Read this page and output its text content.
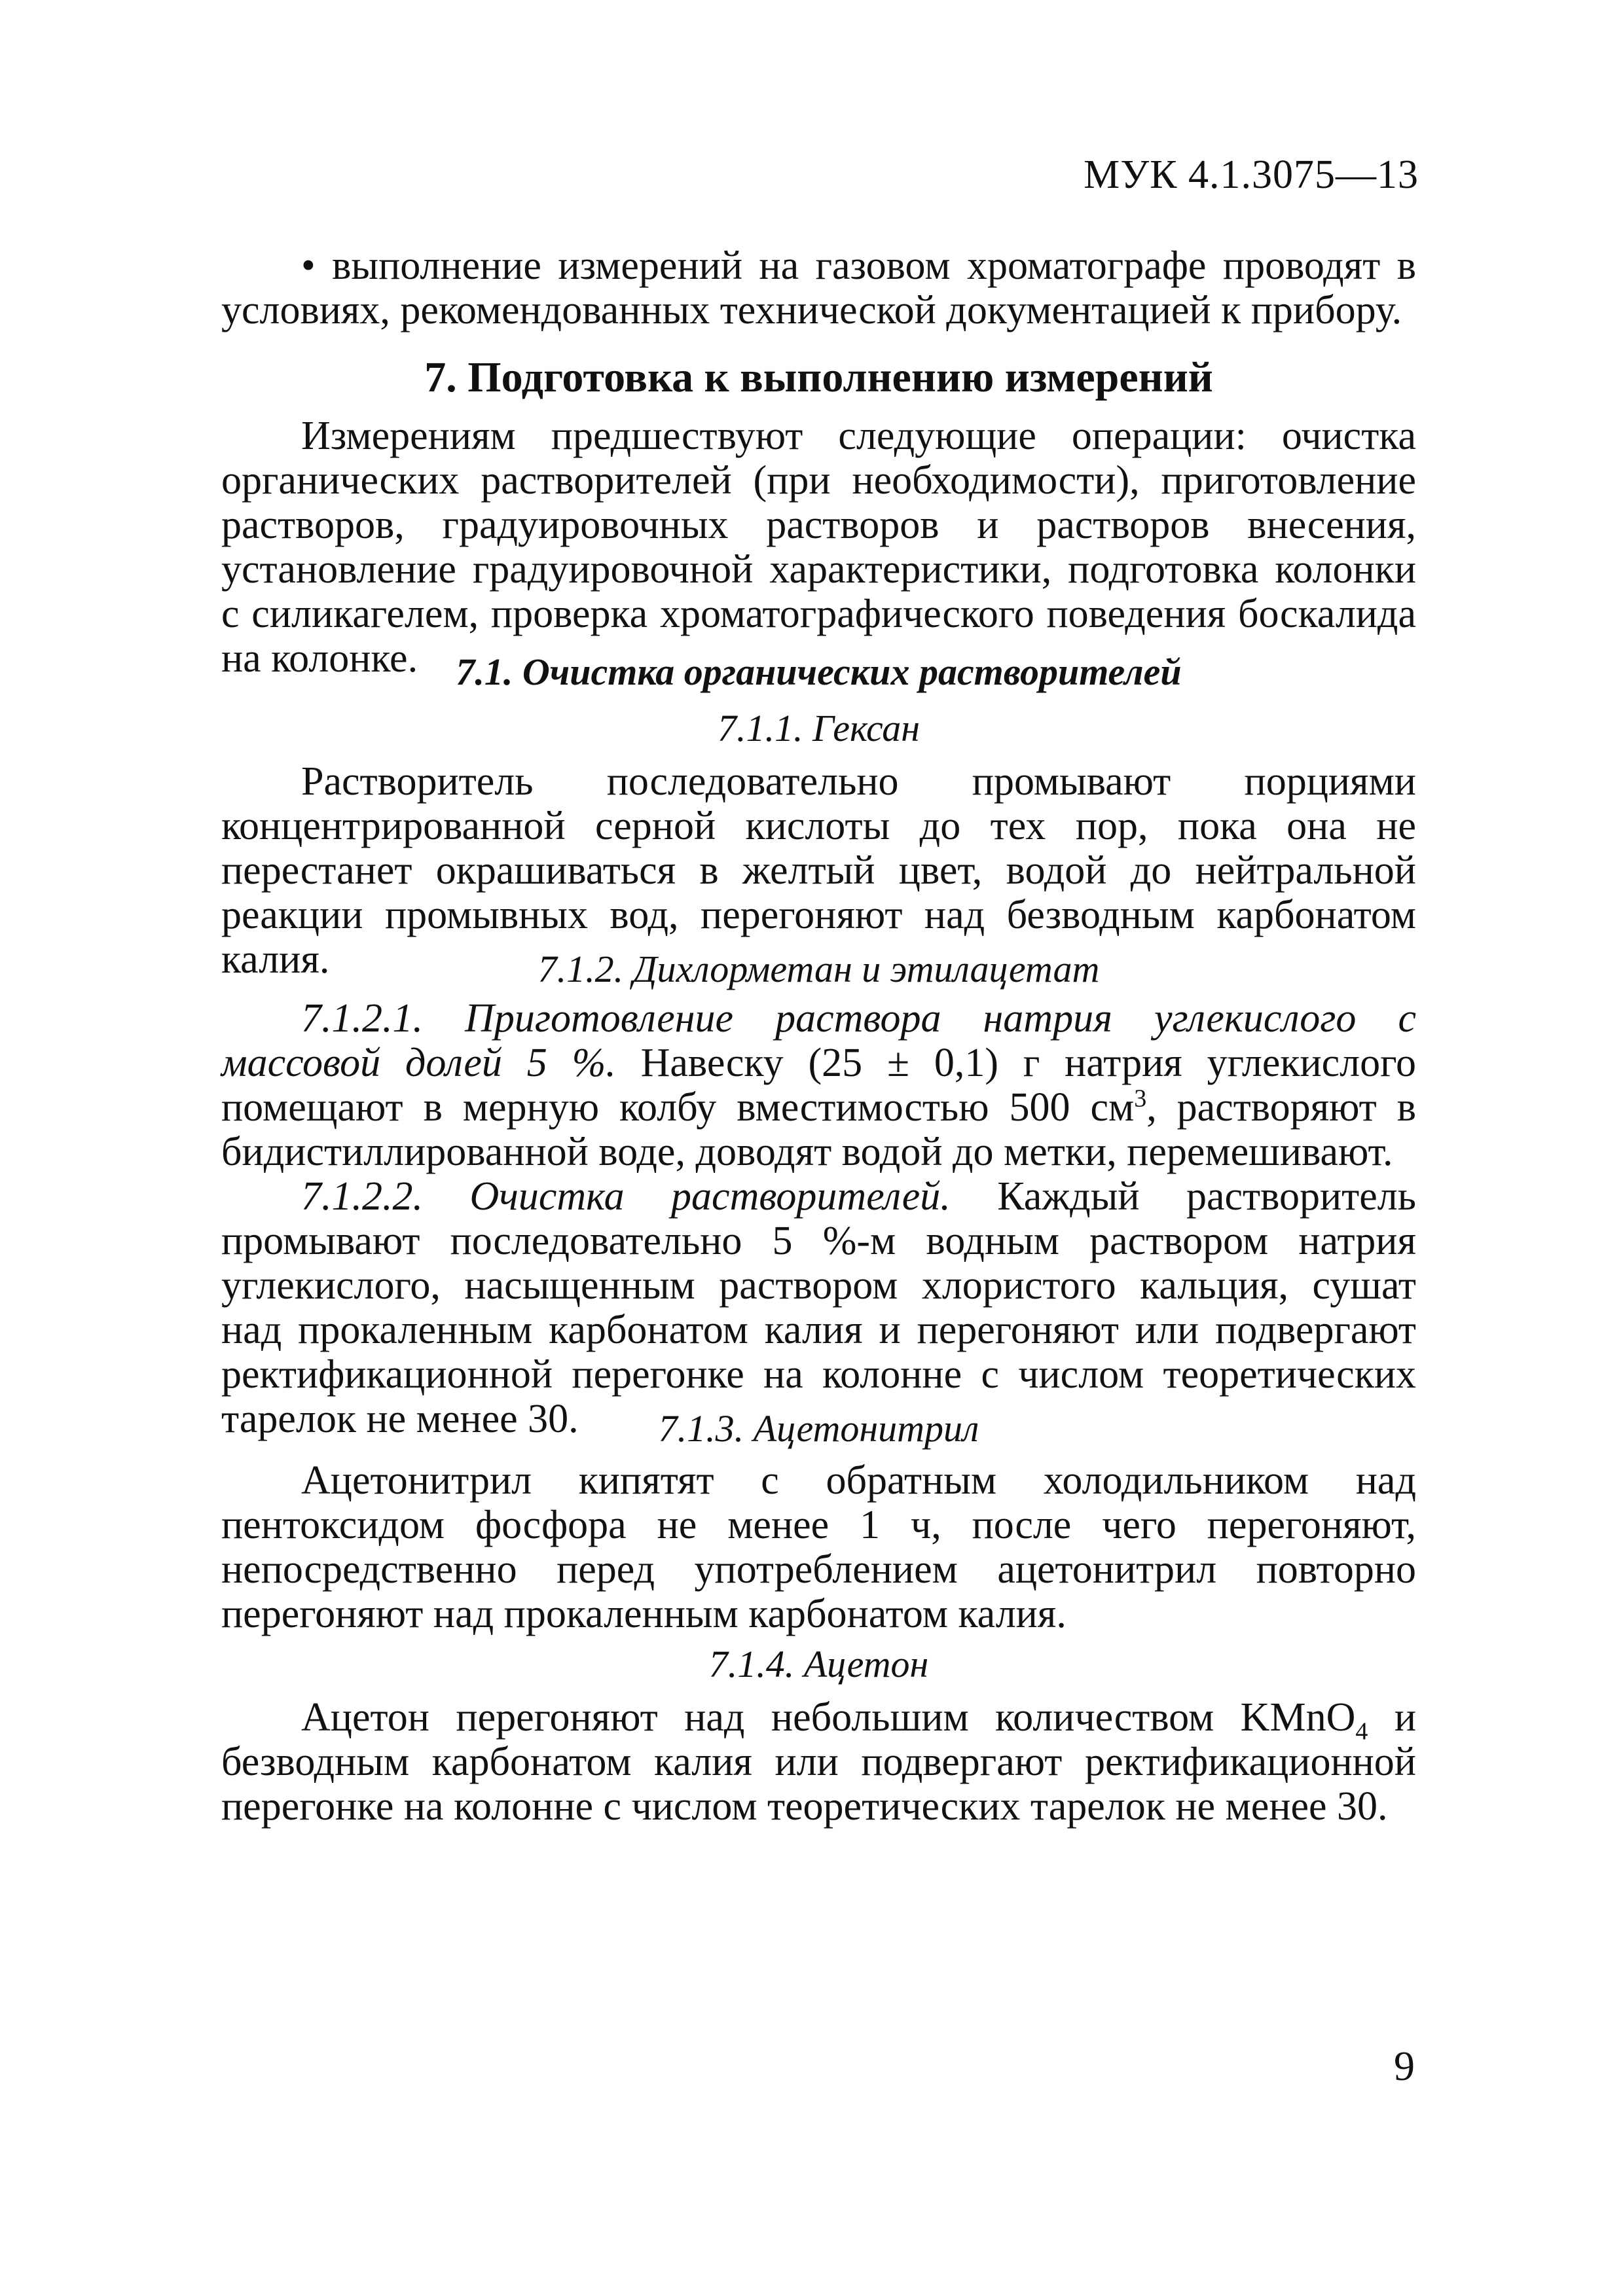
МУК 4.1.3075—13

• выполнение измерений на газовом хроматографе проводят в условиях, рекомендованных технической документацией к прибору.

7. Подготовка к выполнению измерений

Измерениям предшествуют следующие операции: очистка органических растворителей (при необходимости), приготовление растворов, градуировочных растворов и растворов внесения, установление градуировочной характеристики, подготовка колонки с силикагелем, проверка хроматографического поведения боскалида на колонке.	7.1. Очистка органических растворителей

7.1.1. Гексан

Растворитель последовательно промывают порциями концентрированной серной кислоты до тех пор, пока она не перестанет окрашиваться в желтый цвет, водой до нейтральной реакции промывных вод, перегоняют над безводным карбонатом калия.	7.1.2. Дихлорметан и этилацетат

7.1.2.1. Приготовление раствора натрия углекислого с массовой долей 5 %. Навеску (25 ± 0,1) г натрия углекислого помещают в мерную колбу вместимостью 500 $см^3$, растворяют в бидистиллированной воде, доводят водой до метки, перемешивают.

7.1.2.2. Очистка растворителей. Каждый растворитель промывают последовательно 5 %-м водным раствором натрия углекислого, насыщенным раствором хлористого кальция, сушат над прокаленным карбонатом калия и перегоняют или подвергают ректификационной перегонке на колонне с числом теоретических тарелок не менее 30.	7.1.3. Ацетонитрил

Ацетонитрил кипятят с обратным холодильником над пентоксидом фосфора не менее 1 ч, после чего перегоняют, непосредственно перед употреблением ацетонитрил повторно перегоняют над прокаленным карбонатом калия.

7.1.4. Ацетон

Ацетон перегоняют над небольшим количеством KMnO$_4$ и безводным карбонатом калия или подвергают ректификационной перегонке на колонне с числом теоретических тарелок не менее 30.

9
